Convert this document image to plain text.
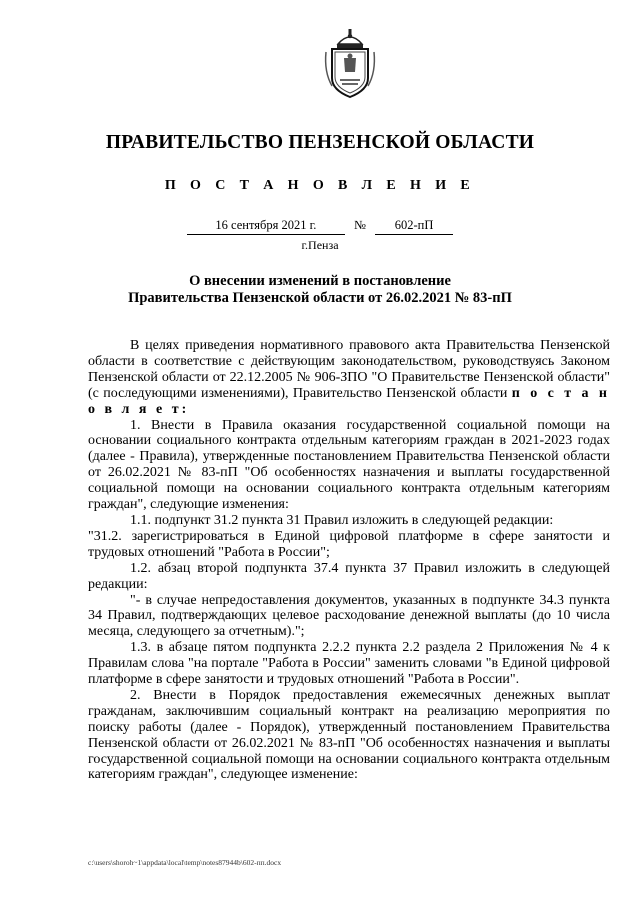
ПРАВИТЕЛЬСТВО ПЕНЗЕНСКОЙ ОБЛАСТИ
П О С Т А Н О В Л Е Н И Е
16 сентября 2021 г.	№ 602-пП
г.Пенза
О внесении изменений в постановление
Правительства Пензенской области от 26.02.2021 № 83-пП

В целях приведения нормативного правового акта Правительства Пензенской области в соответствие с действующим законодательством, руководствуясь Законом Пензенской области от 22.12.2005 № 906-ЗПО "О Правительстве Пензенской области" (с последующими изменениями), Правительство Пензенской области п о с т а н о в л я е т:

1. Внести в Правила оказания государственной социальной помощи на основании социального контракта отдельным категориям граждан в 2021-2023 годах (далее - Правила), утвержденные постановлением Правительства Пензенской области от 26.02.2021 № 83-пП "Об особенностях назначения и выплаты государственной социальной помощи на основании социального контракта отдельным категориям граждан", следующие изменения:

1.1. подпункт 31.2 пункта 31 Правил изложить в следующей редакции:

"31.2. зарегистрироваться в Единой цифровой платформе в сфере занятости и трудовых отношений "Работа в России";

1.2. абзац второй подпункта 37.4 пункта 37 Правил изложить в следующей редакции:

"- в случае непредоставления документов, указанных в подпункте 34.3 пункта 34 Правил, подтверждающих целевое расходование денежной выплаты (до 10 числа месяца, следующего за отчетным).";

1.3. в абзаце пятом подпункта 2.2.2 пункта 2.2 раздела 2 Приложения № 4 к Правилам слова "на портале "Работа в России" заменить словами "в Единой цифровой платформе в сфере занятости и трудовых отношений "Работа в России".

2. Внести в Порядок предоставления ежемесячных денежных выплат гражданам, заключившим социальный контракт на реализацию мероприятия по поиску работы (далее - Порядок), утвержденный постановлением Правительства Пензенской области от 26.02.2021 № 83-пП "Об особенностях назначения и выплаты государственной социальной помощи на основании социального контракта отдельным категориям граждан", следующее изменение:

c:\users\shoroh~1\appdata\local\temp\notes87944b\602-пп.docx
